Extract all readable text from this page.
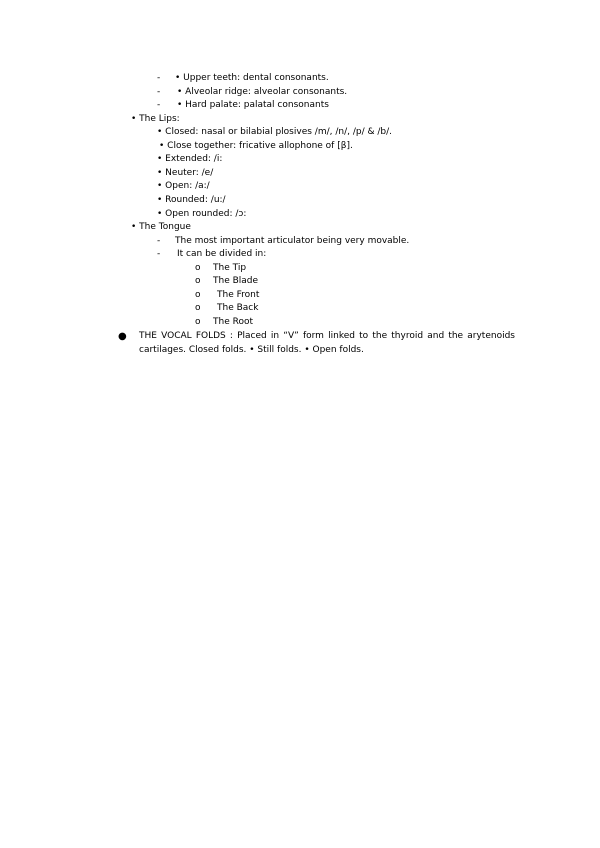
- • Upper teeth: dental consonants.
- • Alveolar ridge: alveolar consonants.
- • Hard palate: palatal consonants
• The Lips:
• Closed: nasal or bilabial plosives /m/, /n/, /p/ & /b/.
• Close together: fricative allophone of [β].
• Extended: /i:
• Neuter: /e/
• Open: /a:/
• Rounded: /u:/
• Open rounded: /ɔ:
• The Tongue
- The most important articulator being very movable.
- It can be divided in:
o The Tip
o The Blade
o The Front
o The Back
o The Root
● THE VOCAL FOLDS : Placed in “V” form linked to the thyroid and the arytenoids cartilages. Closed folds. • Still folds. • Open folds.
